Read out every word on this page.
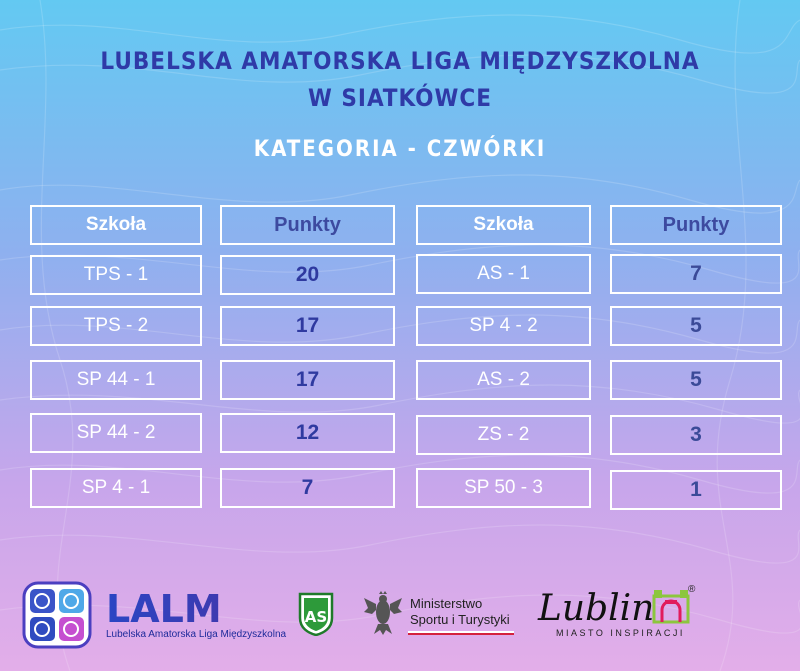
LUBELSKA AMATORSKA LIGA MIĘDZYSZKOLNA
W SIATKÓWCE
KATEGORIA - CZWÓRKI
Szkoła	Punkty
TPS - 1	20
TPS - 2	17
SP 44 - 1	17
SP 44 - 2	12
SP 4 - 1	7
Szkoła	Punkty
AS - 1	7
SP 4 - 2	5
AS - 2	5
ZS - 2	3
SP 50 - 3	1
LALM
Lubelska Amatorska Liga Międzyszkolna
AS
Ministerstwo
Sportu i Turystyki Lublin	®
MIASTO INSPIRACJI
